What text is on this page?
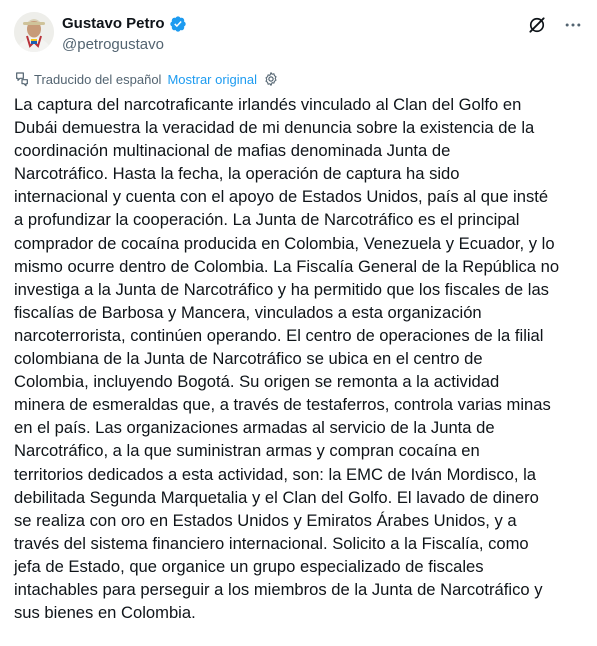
Gustavo Petro
@petrogustavo
Traducido del español Mostrar original
La captura del narcotraficante irlandés vinculado al Clan del Golfo en
Dubái demuestra la veracidad de mi denuncia sobre la existencia de la
coordinación multinacional de mafias denominada Junta de
Narcotráfico. Hasta la fecha, la operación de captura ha sido
internacional y cuenta con el apoyo de Estados Unidos, país al que insté
a profundizar la cooperación. La Junta de Narcotráfico es el principal
comprador de cocaína producida en Colombia, Venezuela y Ecuador, y lo
mismo ocurre dentro de Colombia. La Fiscalía General de la República no
investiga a la Junta de Narcotráfico y ha permitido que los fiscales de las
fiscalías de Barbosa y Mancera, vinculados a esta organización
narcoterrorista, continúen operando. El centro de operaciones de la filial
colombiana de la Junta de Narcotráfico se ubica en el centro de
Colombia, incluyendo Bogotá. Su origen se remonta a la actividad
minera de esmeraldas que, a través de testaferros, controla varias minas
en el país. Las organizaciones armadas al servicio de la Junta de
Narcotráfico, a la que suministran armas y compran cocaína en
territorios dedicados a esta actividad, son: la EMC de Iván Mordisco, la
debilitada Segunda Marquetalia y el Clan del Golfo. El lavado de dinero
se realiza con oro en Estados Unidos y Emiratos Árabes Unidos, y a
través del sistema financiero internacional. Solicito a la Fiscalía, como
jefa de Estado, que organice un grupo especializado de fiscales
intachables para perseguir a los miembros de la Junta de Narcotráfico y
sus bienes en Colombia.
